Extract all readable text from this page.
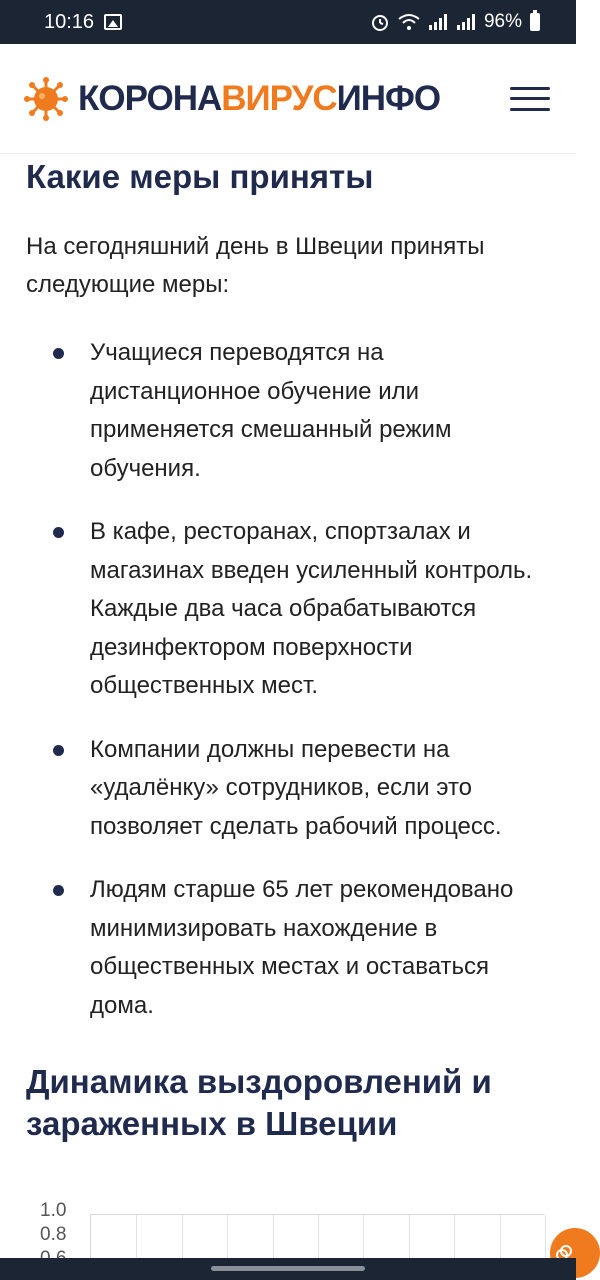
10:16	96%
КОРОНАВИРУСИНФО
Какие меры приняты

На сегодняшний день в Швеции приняты следующие меры:

Учащиеся переводятся на дистанционное обучение или применяется смешанный режим обучения.
В кафе, ресторанах, спортзалах и магазинах введен усиленный контроль. Каждые два часа обрабатываются дезинфектором поверхности общественных мест.
Компании должны перевести на «удалёнку» сотрудников, если это позволяет сделать рабочий процесс.
Людям старше 65 лет рекомендовано минимизировать нахождение в общественных местах и оставаться дома.
Динамика выздоровлений и зараженных в Швеции
1.0
0.8
